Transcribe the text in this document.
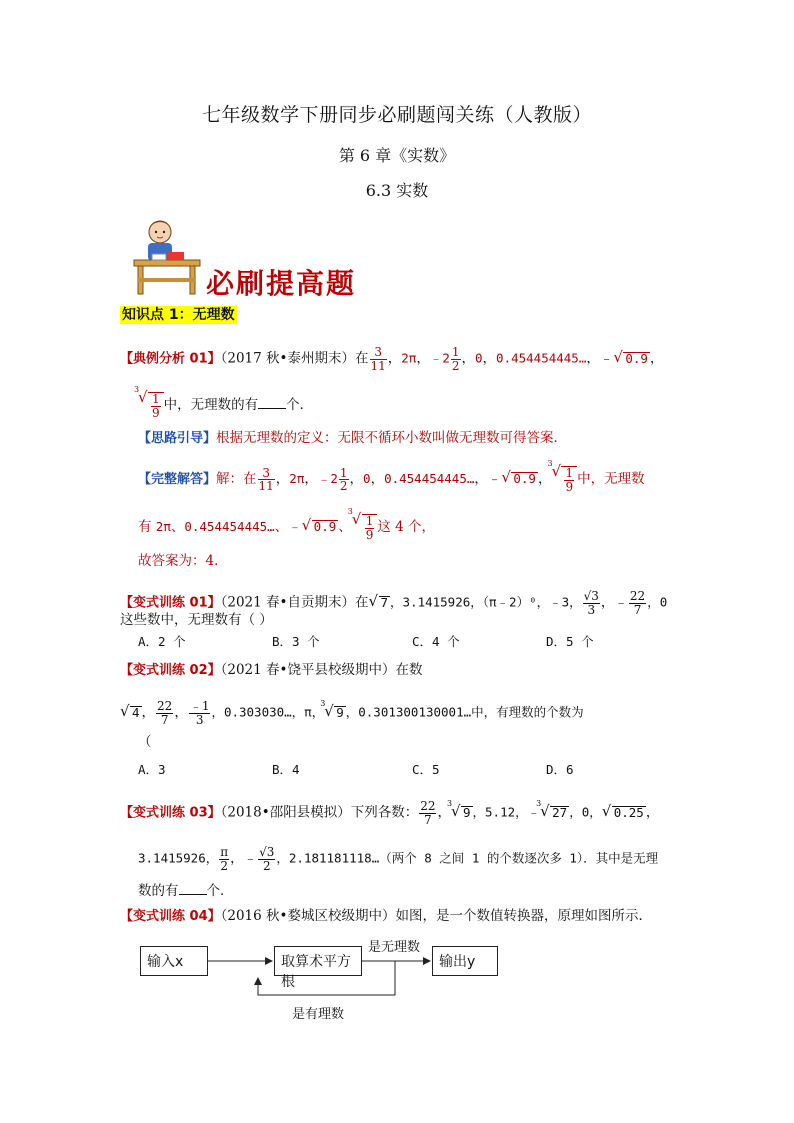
七年级数学下册同步必刷题闯关练（人教版）
第 6 章《实数》
6.3 实数
必刷提高题
知识点 1：无理数
【典例分析 01】（2017 秋•泰州期末）在 $\frac{3}{11}$ ，2π，﹣2 $\frac{1}{2}$ ，0，0.454454445…，﹣ √ 0.9 ，
3
√ $\frac{1}{9}$ 中，无理数的有 个．
【思路引导】根据无理数的定义：无限不循环小数叫做无理数可得答案．
【完整解答】解：在 $\frac{3}{11}$ ，2π，﹣2 $\frac{1}{2}$ ，0，0.454454445…，﹣ √ 0.9 ，
3
√ $\frac{1}{9}$ 中，无理数
有 2π、0.454454445…、﹣ √ 0.9 、
3
√ $\frac{1}{9}$ 这 4 个，
故答案为：4．
【变式训练 01】（2021 春•自贡期末）在 √ 7 ，3.1415926，（π﹣2）⁰，﹣3， $\frac{√3}{3}$ ，﹣ $\frac{22}{7}$ ，0
这些数中，无理数有（ ）
A．2 个	B．3 个	C．4 个	D．5 个
【变式训练 02】（2021 春•饶平县校级期中）在数
√ 4 ， $\frac{22}{7}$ ， $\frac{﹣1}{3}$ ，0.303030…，π，
3
√ 9 ，0.301300130001…中，有理数的个数为
（
A．3	B．4	C．5	D．6
【变式训练 03】（2018•邵阳县模拟）下列各数： $\frac{22}{7}$ ，
3
√ 9 ，5.12，﹣
3
√ 27 ，0， √ 0.25 ，
3.1415926， $\frac{\pi}{2}$ ，﹣ $\frac{√3}{2}$ ，2.181181118…（两个 8 之间 1 的个数逐次多 1）．其中是无理
数的有 个．
【变式训练 04】（2016 秋•婺城区校级期中）如图，是一个数值转换器，原理如图所示．
输入x	取算术平方根
输出y
是无理数
是有理数
